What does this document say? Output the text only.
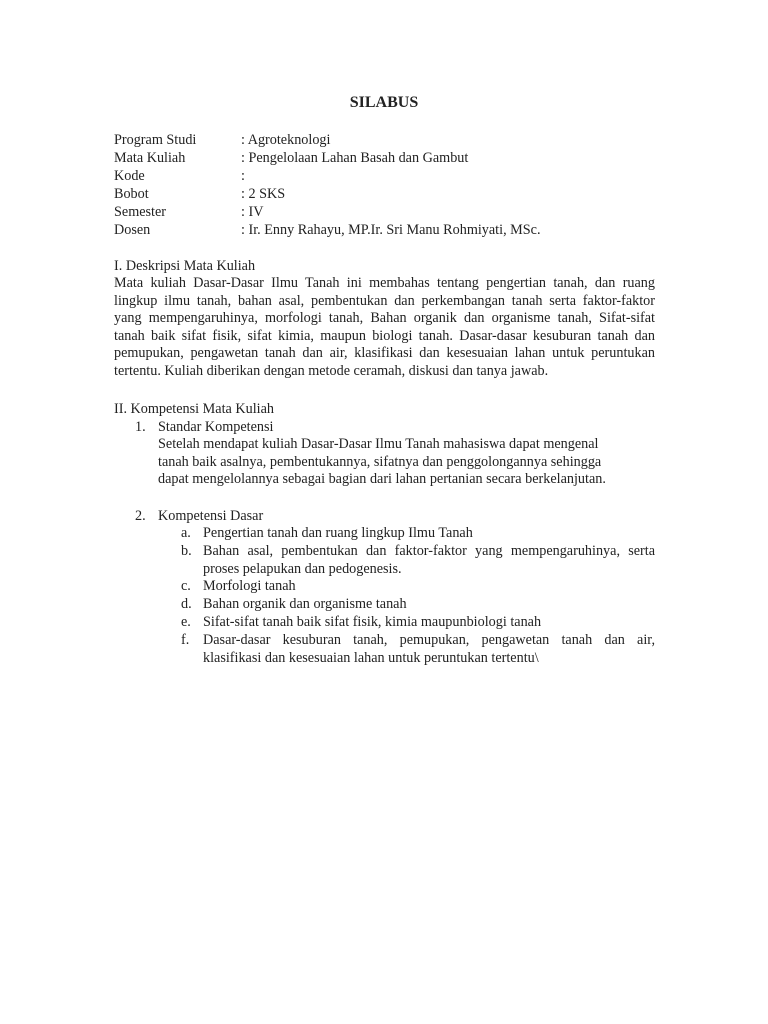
SILABUS
Program Studi	: Agroteknologi
Mata Kuliah	: Pengelolaan Lahan Basah dan Gambut
Kode	:
Bobot	: 2 SKS
Semester	: IV
Dosen	: Ir. Enny Rahayu, MP.Ir. Sri Manu Rohmiyati, MSc.
I. Deskripsi Mata Kuliah
Mata kuliah Dasar-Dasar Ilmu Tanah ini membahas tentang pengertian tanah, dan ruang
lingkup ilmu tanah, bahan asal, pembentukan dan perkembangan tanah serta faktor-faktor
yang mempengaruhinya, morfologi tanah, Bahan organik dan organisme tanah, Sifat-sifat
tanah baik sifat fisik, sifat kimia, maupun biologi tanah. Dasar-dasar kesuburan tanah dan
pemupukan, pengawetan tanah dan air, klasifikasi dan kesesuaian lahan untuk peruntukan
tertentu. Kuliah diberikan dengan metode ceramah, diskusi dan tanya jawab.
II. Kompetensi Mata Kuliah
1. Standar Kompetensi
Setelah mendapat kuliah Dasar-Dasar Ilmu Tanah mahasiswa dapat mengenal
tanah baik asalnya, pembentukannya, sifatnya dan penggolongannya sehingga
dapat mengelolannya sebagai bagian dari lahan pertanian secara berkelanjutan.
2. Kompetensi Dasar
a. Pengertian tanah dan ruang lingkup Ilmu Tanah
b. Bahan asal, pembentukan dan faktor-faktor yang mempengaruhinya, serta
proses pelapukan dan pedogenesis.
c. Morfologi tanah
d. Bahan organik dan organisme tanah
e. Sifat-sifat tanah baik sifat fisik, kimia maupunbiologi tanah
f. Dasar-dasar kesuburan tanah, pemupukan, pengawetan tanah dan air,
klasifikasi dan kesesuaian lahan untuk peruntukan tertentu\
